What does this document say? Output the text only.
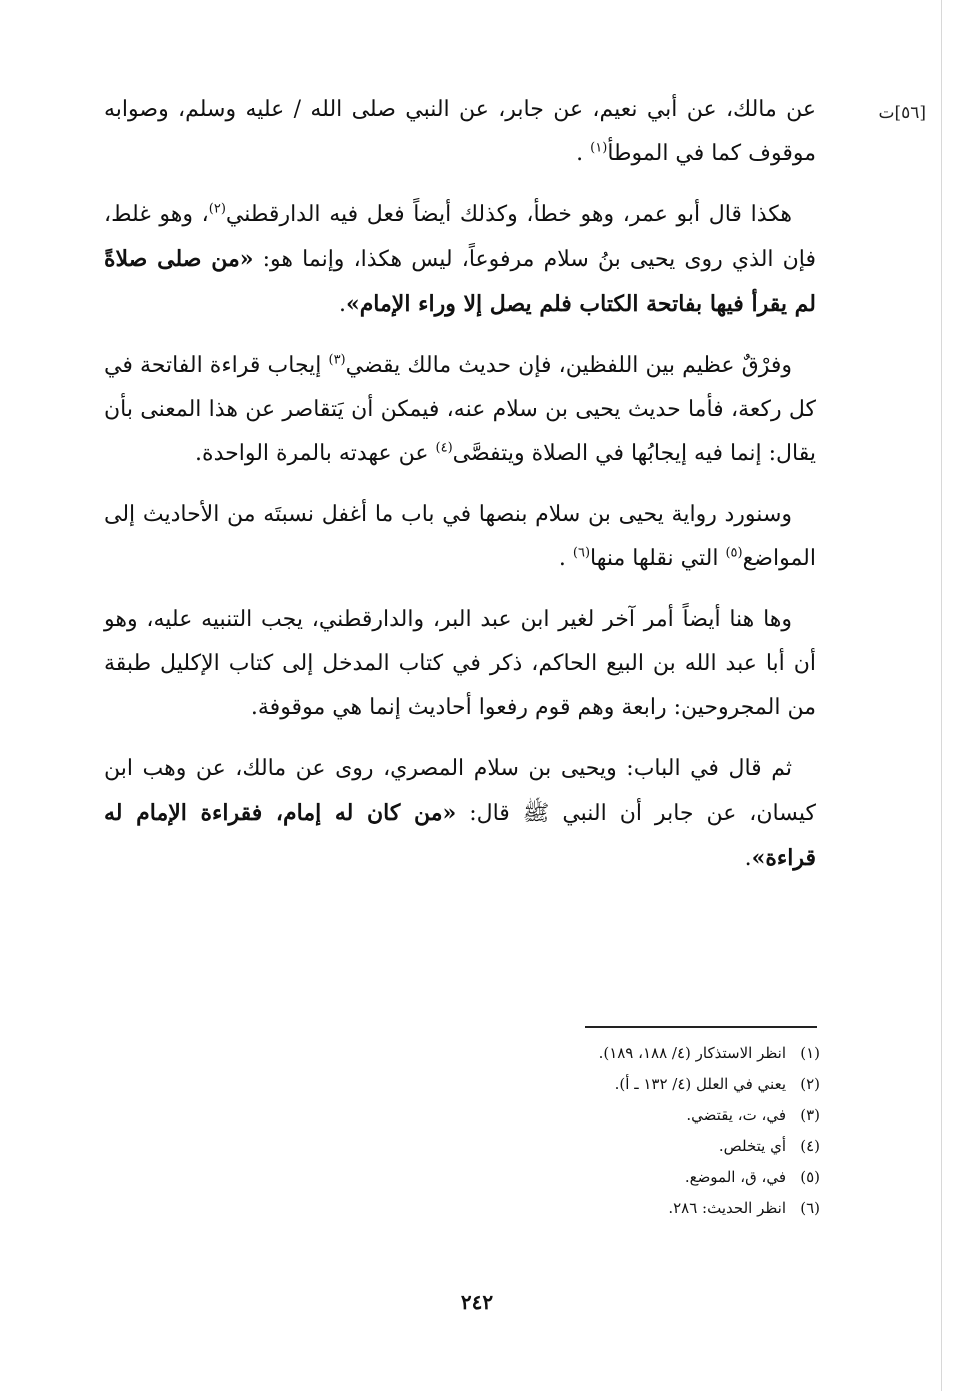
[٥٦]ت

عن مالك، عن أبي نعيم، عن جابر، عن النبي صلى الله / عليه وسلم، وصوابه موقوف كما في الموطأ$^{(١)}$ .

هكذا قال أبو عمر، وهو خطأ، وكذلك أيضاً فعل فيه الدارقطني$^{(٢)}$، وهو غلط، فإن الذي روى يحيى بنُ سلام مرفوعاً، ليس هكذا، وإنما هو: «من صلى صلاةً لم يقرأ فيها بفاتحة الكتاب فلم يصل إلا وراء الإمام».

وفرْقٌ عظيم بين اللفظين، فإن حديث مالك يقضي$^{(٣)}$ إيجاب قراءة الفاتحة في كل ركعة، فأما حديث يحيى بن سلام عنه، فيمكن أن يَتقاصر عن هذا المعنى بأن يقال: إنما فيه إيجابُها في الصلاة ويتفصَّى$^{(٤)}$ عن عهدته بالمرة الواحدة.

وسنورد رواية يحيى بن سلام بنصها في باب ما أغفل نسبتَه من الأحاديث إلى المواضع$^{(٥)}$ التي نقلها منها$^{(٦)}$ .

وها هنا أيضاً أمر آخر لغير ابن عبد البر، والدارقطني، يجب التنبيه عليه، وهو أن أبا عبد الله بن البيع الحاكم، ذكر في كتاب المدخل إلى كتاب الإكليل طبقة من المجروحين: رابعة وهم قوم رفعوا أحاديث إنما هي موقوفة.

ثم قال في الباب: ويحيى بن سلام المصري، روى عن مالك، عن وهب ابن كيسان، عن جابر أن النبي ﷺ قال: «من كان له إمام، فقراءة الإمام له قراءة».

(١)انظر الاستذكار (٤/ ١٨٨، ١٨٩).
(٢)يعني في العلل (٤/ ١٣٢ ـ أ).
(٣)في، ت، يقتضي.
(٤)أي يتخلص.
(٥)في، ق، الموضع.
(٦)انظر الحديث: ٢٨٦.
٢٤٢
